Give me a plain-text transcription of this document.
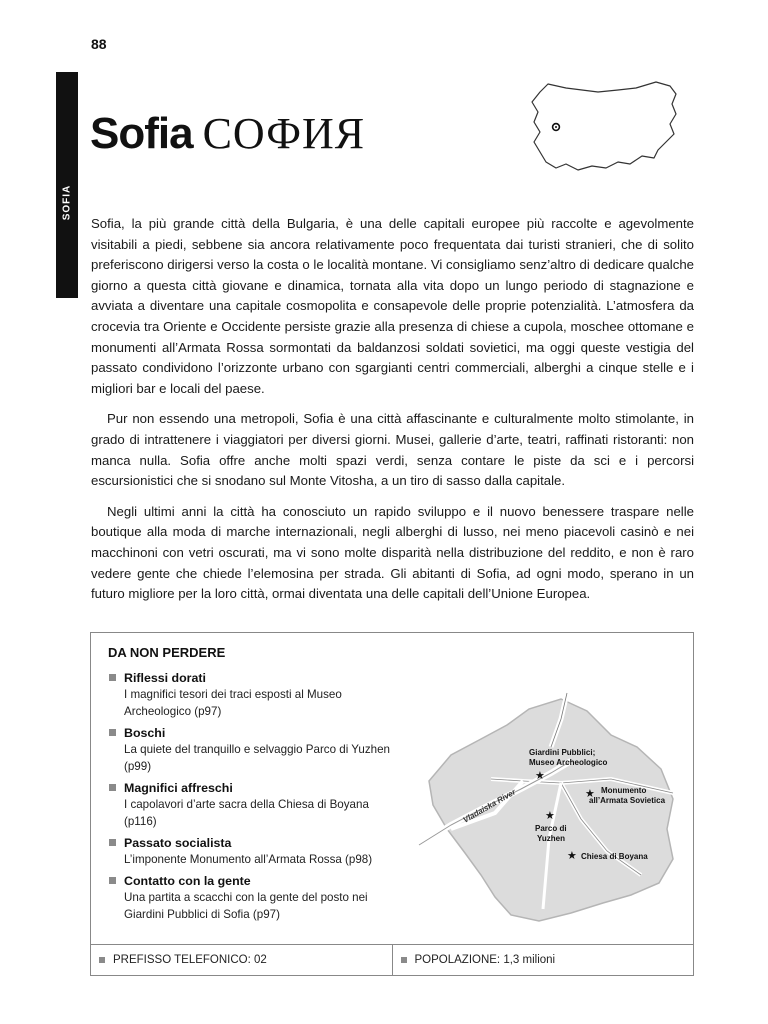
88
SOFIA
Sofia СОФИЯ

Sofia, la più grande città della Bulgaria, è una delle capitali europee più raccolte e agevolmente visitabili a piedi, sebbene sia ancora relativamente poco frequentata dai turisti stranieri, che di solito preferiscono dirigersi verso la costa o le località montane. Vi consigliamo senz’altro di dedicare qualche giorno a questa città giovane e dinamica, tornata alla vita dopo un lungo periodo di stagnazione e avviata a diventare una capitale cosmopolita e consapevole delle proprie potenzialità. L’atmosfera da crocevia tra Oriente e Occidente persiste grazie alla presenza di chiese a cupola, moschee ottomane e monumenti all’Armata Rossa sormontati da baldanzosi soldati sovietici, ma oggi queste vestigia del passato condividono l’orizzonte urbano con sgargianti centri commerciali, alberghi a cinque stelle e i migliori bar e locali del paese.

Pur non essendo una metropoli, Sofia è una città affascinante e culturalmente molto stimolante, in grado di intrattenere i viaggiatori per diversi giorni. Musei, gallerie d’arte, teatri, raffinati ristoranti: non manca nulla. Sofia offre anche molti spazi verdi, senza contare le piste da sci e i percorsi escursionistici che si snodano sul Monte Vitosha, a un tiro di sasso dalla capitale.

Negli ultimi anni la città ha conosciuto un rapido sviluppo e il nuovo benessere traspare nelle boutique alla moda di marche internazionali, negli alberghi di lusso, nei meno piacevoli casinò e nei macchinoni con vetri oscurati, ma vi sono molte disparità nella distribuzione del reddito, e non è raro vedere gente che chiede l’elemosina per strada. Gli abitanti di Sofia, ad ogni modo, sperano in un futuro migliore per la loro città, ormai diventata una delle capitali dell’Unione Europea.

DA NON PERDERE
Riflessi dorati
I magnifici tesori dei traci esposti al Museo Archeologico (p97)
Boschi
La quiete del tranquillo e selvaggio Parco di Yuzhen (p99)
Magnifici affreschi
I capolavori d’arte sacra della Chiesa di Boyana (p116)
Passato socialista
L’imponente Monumento all’Armata Rossa (p98)
Contatto con la gente
Una partita a scacchi con la gente del posto nei Giardini Pubblici di Sofia (p97)
Vladaiska River
★
Giardini Pubblici;
Museo Archeologico
★ Monumento
all’Armata Sovietica
★
Parco di
Yuzhen
★ Chiesa di Boyana
PREFISSO TELEFONICO: 02	POPOLAZIONE: 1,3 milioni
